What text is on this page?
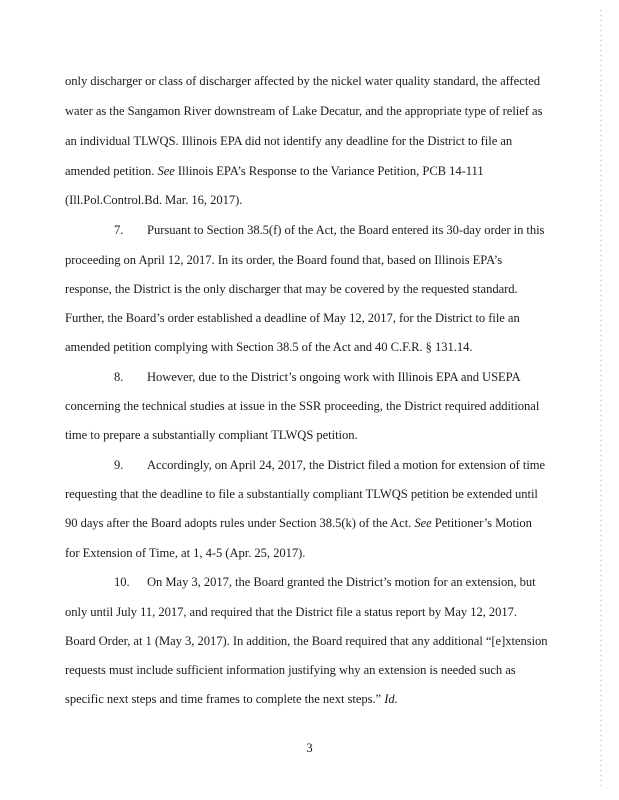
only discharger or class of discharger affected by the nickel water quality standard, the affected
water as the Sangamon River downstream of Lake Decatur, and the appropriate type of relief as
an individual TLWQS. Illinois EPA did not identify any deadline for the District to file an
amended petition. See Illinois EPA’s Response to the Variance Petition, PCB 14-111
(Ill.Pol.Control.Bd. Mar. 16, 2017).
7. Pursuant to Section 38.5(f) of the Act, the Board entered its 30-day order in this
proceeding on April 12, 2017. In its order, the Board found that, based on Illinois EPA’s
response, the District is the only discharger that may be covered by the requested standard.
Further, the Board’s order established a deadline of May 12, 2017, for the District to file an
amended petition complying with Section 38.5 of the Act and 40 C.F.R. § 131.14.
8. However, due to the District’s ongoing work with Illinois EPA and USEPA
concerning the technical studies at issue in the SSR proceeding, the District required additional
time to prepare a substantially compliant TLWQS petition.
9. Accordingly, on April 24, 2017, the District filed a motion for extension of time
requesting that the deadline to file a substantially compliant TLWQS petition be extended until
90 days after the Board adopts rules under Section 38.5(k) of the Act. See Petitioner’s Motion
for Extension of Time, at 1, 4-5 (Apr. 25, 2017).
10. On May 3, 2017, the Board granted the District’s motion for an extension, but
only until July 11, 2017, and required that the District file a status report by May 12, 2017.
Board Order, at 1 (May 3, 2017). In addition, the Board required that any additional “[e]xtension
requests must include sufficient information justifying why an extension is needed such as
specific next steps and time frames to complete the next steps.” Id.
3
